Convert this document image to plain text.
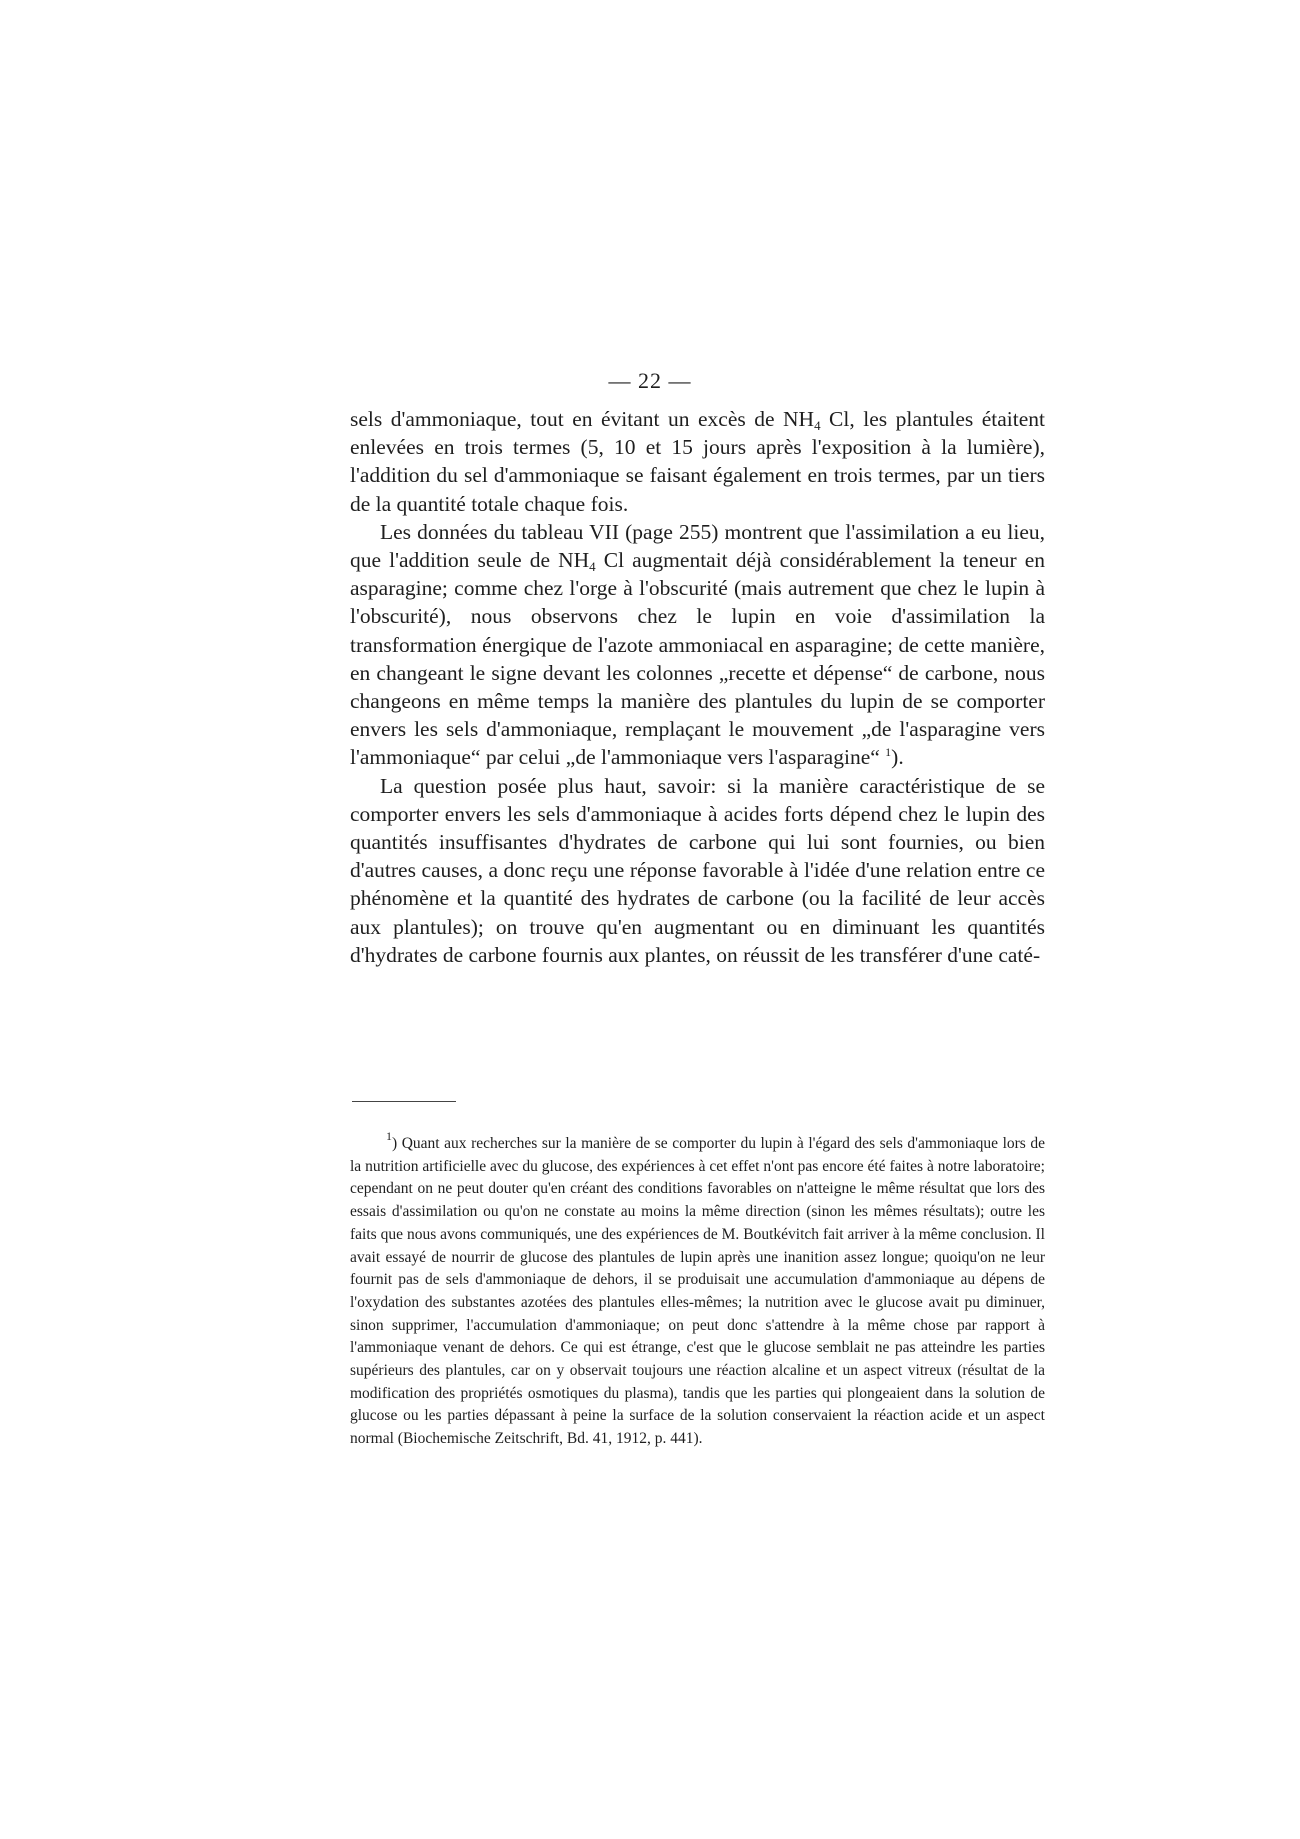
— 22 —

sels d'ammoniaque, tout en évitant un excès de $NH_4$ Cl, les plantules étaitent enlevées en trois termes (5, 10 et 15 jours après l'exposition à la lumière), l'addition du sel d'ammoniaque se faisant également en trois termes, par un tiers de la quantité totale chaque fois.

Les données du tableau VII (page 255) montrent que l'assimilation a eu lieu, que l'addition seule de $NH_4$ Cl augmentait déjà considérablement la teneur en asparagine; comme chez l'orge à l'obscurité (mais autrement que chez le lupin à l'obscurité), nous observons chez le lupin en voie d'assimilation la transformation énergique de l'azote ammoniacal en asparagine; de cette manière, en changeant le signe devant les colonnes „recette et dépense“ de carbone, nous changeons en même temps la manière des plantules du lupin de se comporter envers les sels d'ammoniaque, remplaçant le mouvement „de l'asparagine vers l'ammoniaque“ par celui „de l'ammoniaque vers l'asparagine“ $^1$).

La question posée plus haut, savoir: si la manière caractéristique de se comporter envers les sels d'ammoniaque à acides forts dépend chez le lupin des quantités insuffisantes d'hydrates de carbone qui lui sont fournies, ou bien d'autres causes, a donc reçu une réponse favorable à l'idée d'une relation entre ce phénomène et la quantité des hydrates de carbone (ou la facilité de leur accès aux plantules); on trouve qu'en augmentant ou en diminuant les quantités d'hydrates de carbone fournis aux plantes, on réussit de les transférer d'une caté-

$^1$) Quant aux recherches sur la manière de se comporter du lupin à l'égard des sels d'ammoniaque lors de la nutrition artificielle avec du glucose, des expériences à cet effet n'ont pas encore été faites à notre laboratoire; cependant on ne peut douter qu'en créant des conditions favorables on n'atteigne le même résultat que lors des essais d'assimilation ou qu'on ne constate au moins la même direction (sinon les mêmes résultats); outre les faits que nous avons communiqués, une des expériences de M. Boutkévitch fait arriver à la même conclusion. Il avait essayé de nourrir de glucose des plantules de lupin après une inanition assez longue; quoiqu'on ne leur fournit pas de sels d'ammoniaque de dehors, il se produisait une accumulation d'ammoniaque au dépens de l'oxydation des substantes azotées des plantules elles-mêmes; la nutrition avec le glucose avait pu diminuer, sinon supprimer, l'accumulation d'ammoniaque; on peut donc s'attendre à la même chose par rapport à l'ammoniaque venant de dehors. Ce qui est étrange, c'est que le glucose semblait ne pas atteindre les parties supérieurs des plantules, car on y observait toujours une réaction alcaline et un aspect vitreux (résultat de la modification des propriétés osmotiques du plasma), tandis que les parties qui plongeaient dans la solution de glucose ou les parties dépassant à peine la surface de la solution conservaient la réaction acide et un aspect normal (Biochemische Zeitschrift, Bd. 41, 1912, p. 441).
